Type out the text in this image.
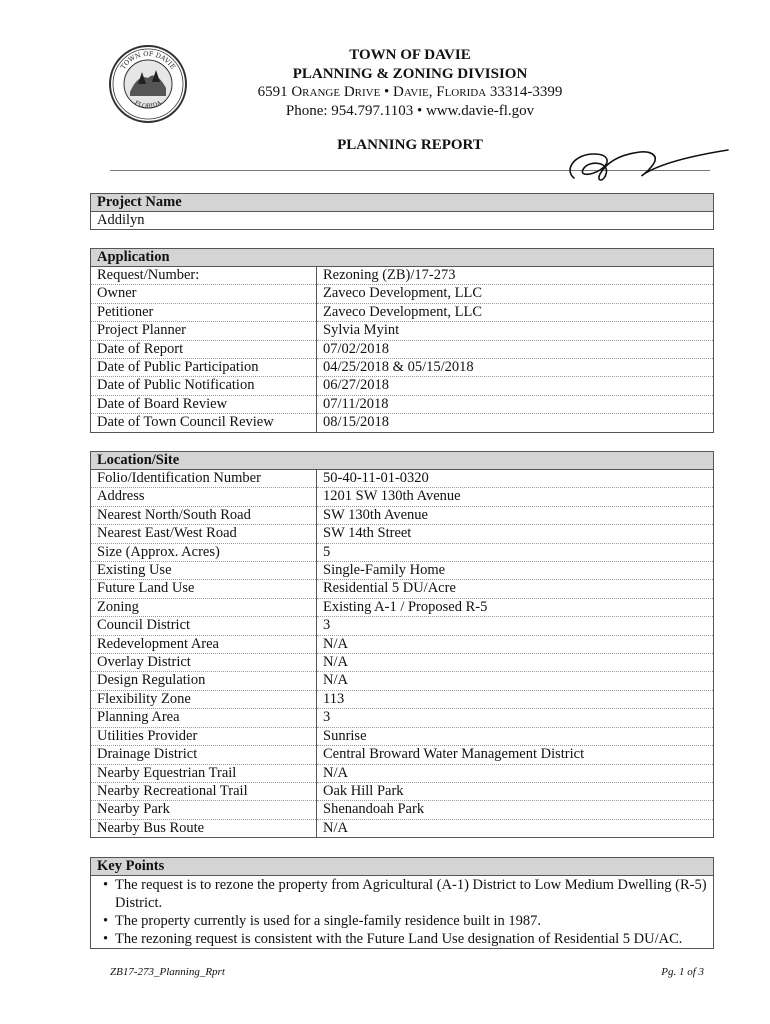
TOWN OF DAVIE
FLORIDA
TOWN OF DAVIE
PLANNING & ZONING DIVISION
6591 Orange Drive • Davie, Florida 33314-3399
Phone: 954.797.1103 • www.davie-fl.gov
PLANNING REPORT
Project Name
Addilyn
Application	
Request/Number:	Rezoning (ZB)/17-273
Owner	Zaveco Development, LLC
Petitioner	Zaveco Development, LLC
Project Planner	Sylvia Myint
Date of Report	07/02/2018
Date of Public Participation	04/25/2018 & 05/15/2018
Date of Public Notification	06/27/2018
Date of Board Review	07/11/2018
Date of Town Council Review	08/15/2018
Location/Site	
Folio/Identification Number	50-40-11-01-0320
Address	1201 SW 130th Avenue
Nearest North/South Road	SW 130th Avenue
Nearest East/West Road	SW 14th Street
Size (Approx. Acres)	5
Existing Use	Single-Family Home
Future Land Use	Residential 5 DU/Acre
Zoning	Existing A-1 / Proposed R-5
Council District	3
Redevelopment Area	N/A
Overlay District	N/A
Design Regulation	N/A
Flexibility Zone	113
Planning Area	3
Utilities Provider	Sunrise
Drainage District	Central Broward Water Management District
Nearby Equestrian Trail	N/A
Nearby Recreational Trail	Oak Hill Park
Nearby Park	Shenandoah Park
Nearby Bus Route	N/A
Key Points

• The request is to rezone the property from Agricultural (A-1) District to Low Medium Dwelling (R-5) District.
• The property currently is used for a single-family residence built in 1987.
• The rezoning request is consistent with the Future Land Use designation of Residential 5 DU/AC.
ZB17-273_Planning_Rprt	Pg. 1 of 3
